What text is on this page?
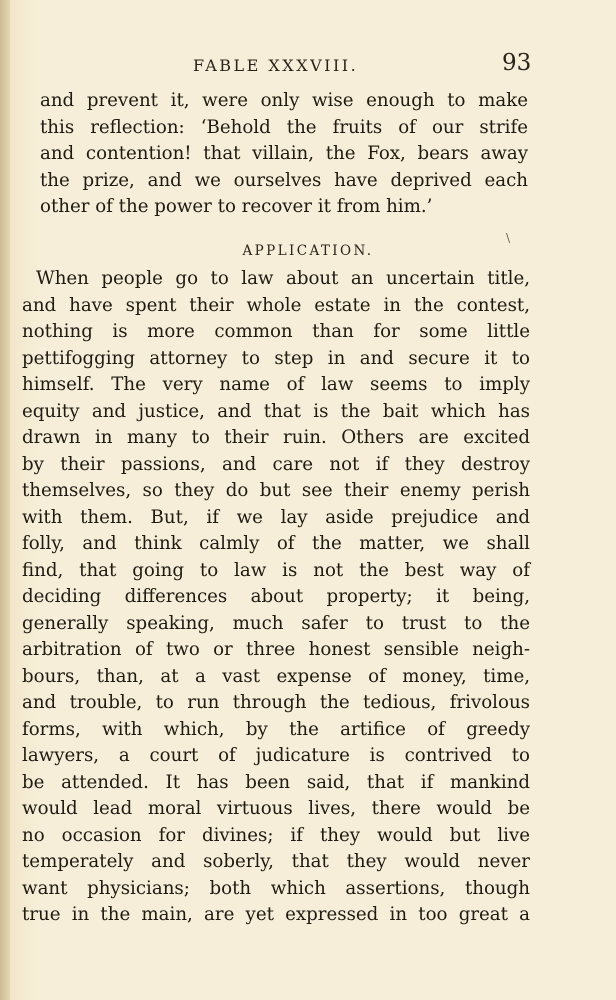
FABLE XXXVIII.	93
and prevent it, were only wise enough to make
this reflection: ‘Behold the fruits of our strife
and contention! that villain, the Fox, bears away
the prize, and we ourselves have deprived each
other of the power to recover it from him.’
APPLICATION.
\
When people go to law about an uncertain title,
and have spent their whole estate in the contest,
nothing is more common than for some little
pettifogging attorney to step in and secure it to
himself. The very name of law seems to imply
equity and justice, and that is the bait which has
drawn in many to their ruin. Others are excited
by their passions, and care not if they destroy
themselves, so they do but see their enemy perish
with them. But, if we lay aside prejudice and
folly, and think calmly of the matter, we shall
find, that going to law is not the best way of
deciding differences about property; it being,
generally speaking, much safer to trust to the
arbitration of two or three honest sensible neigh-
bours, than, at a vast expense of money, time,
and trouble, to run through the tedious, frivolous
forms, with which, by the artifice of greedy
lawyers, a court of judicature is contrived to
be attended. It has been said, that if mankind
would lead moral virtuous lives, there would be
no occasion for divines; if they would but live
temperately and soberly, that they would never
want physicians; both which assertions, though
true in the main, are yet expressed in too great a
